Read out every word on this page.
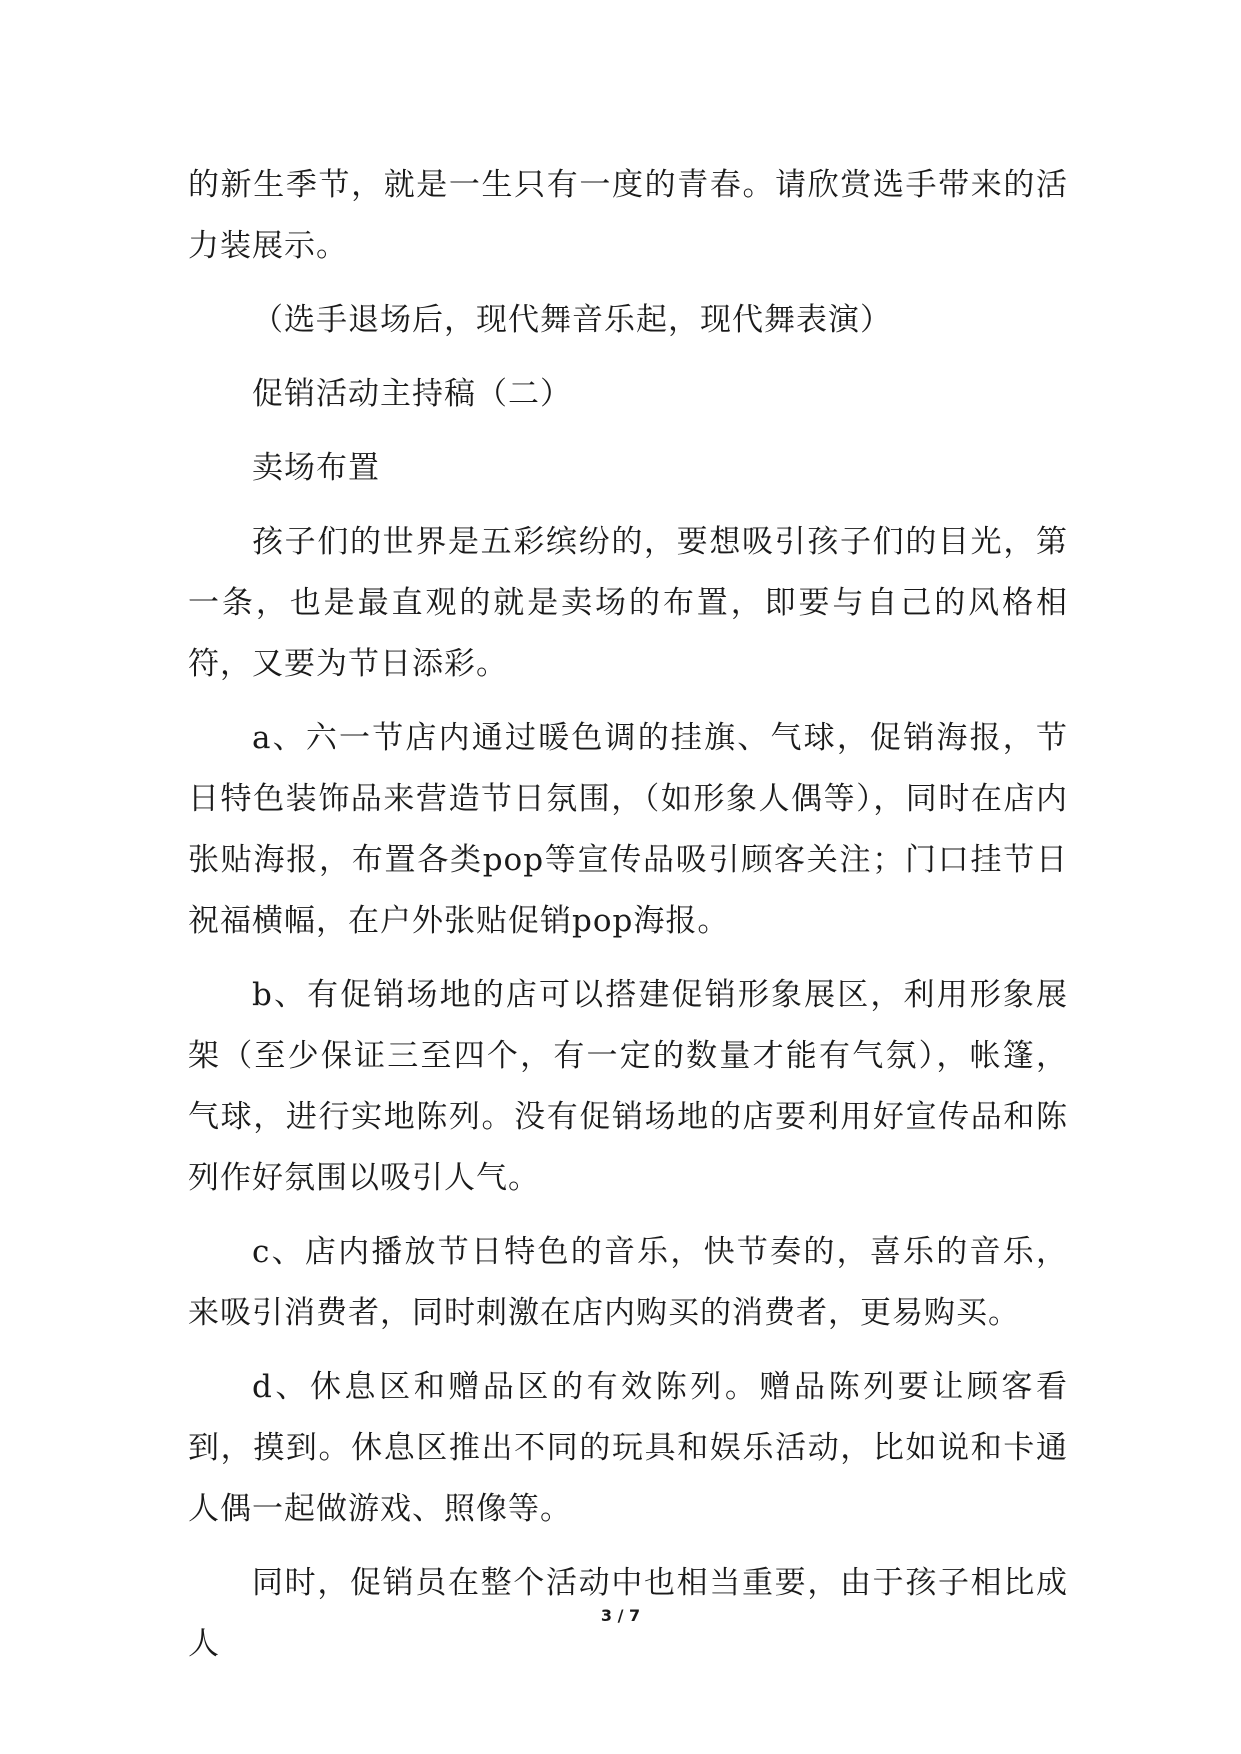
的新生季节，就是一生只有一度的青春。请欣赏选手带来的活力装展示。

（选手退场后，现代舞音乐起，现代舞表演）

促销活动主持稿（二）

卖场布置

孩子们的世界是五彩缤纷的，要想吸引孩子们的目光，第一条，也是最直观的就是卖场的布置，即要与自己的风格相符，又要为节日添彩。

a、六一节店内通过暖色调的挂旗、气球，促销海报，节日特色装饰品来营造节日氛围，（如形象人偶等），同时在店内张贴海报，布置各类pop等宣传品吸引顾客关注；门口挂节日祝福横幅，在户外张贴促销pop海报。

b、有促销场地的店可以搭建促销形象展区，利用形象展架（至少保证三至四个，有一定的数量才能有气氛），帐篷，气球，进行实地陈列。没有促销场地的店要利用好宣传品和陈列作好氛围以吸引人气。

c、店内播放节日特色的音乐，快节奏的，喜乐的音乐，来吸引消费者，同时刺激在店内购买的消费者，更易购买。

d、休息区和赠品区的有效陈列。赠品陈列要让顾客看到，摸到。休息区推出不同的玩具和娱乐活动，比如说和卡通人偶一起做游戏、照像等。

同时，促销员在整个活动中也相当重要，由于孩子相比成人

3 / 7
